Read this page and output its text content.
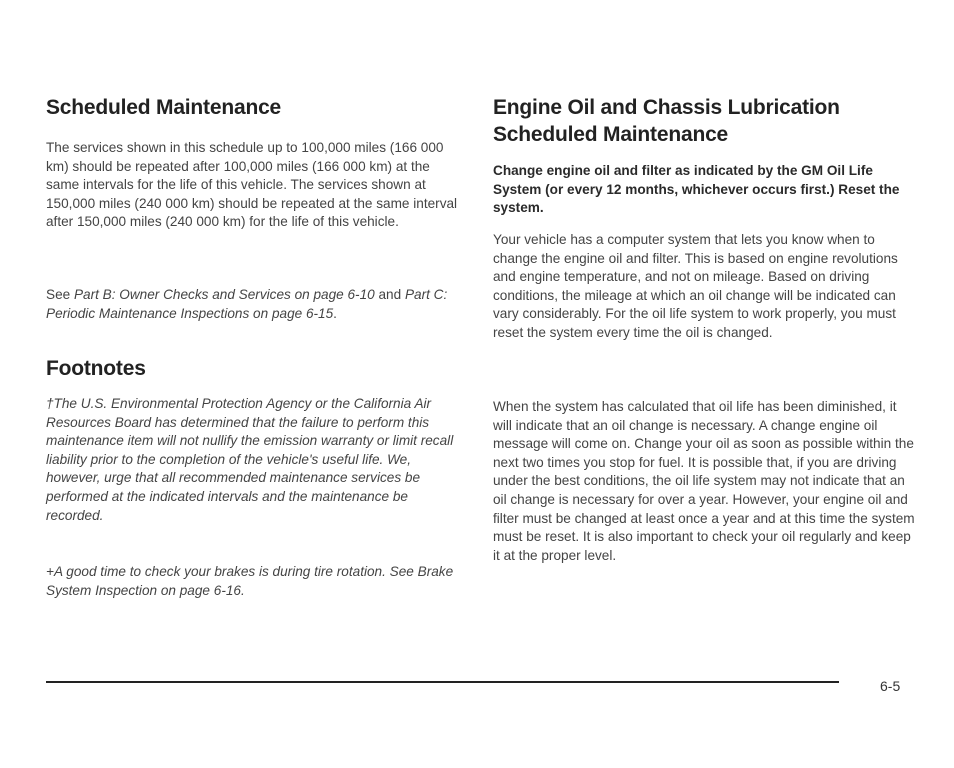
Scheduled Maintenance

The services shown in this schedule up to 100,000 miles (166 000 km) should be repeated after 100,000 miles (166 000 km) at the same intervals for the life of this vehicle. The services shown at 150,000 miles (240 000 km) should be repeated at the same interval after 150,000 miles (240 000 km) for the life of this vehicle.

See Part B: Owner Checks and Services on page 6-10 and Part C: Periodic Maintenance Inspections on page 6-15.

Footnotes

†The U.S. Environmental Protection Agency or the California Air Resources Board has determined that the failure to perform this maintenance item will not nullify the emission warranty or limit recall liability prior to the completion of the vehicle's useful life. We, however, urge that all recommended maintenance services be performed at the indicated intervals and the maintenance be recorded.

+A good time to check your brakes is during tire rotation. See Brake System Inspection on page 6-16.

Engine Oil and Chassis Lubrication Scheduled Maintenance

Change engine oil and filter as indicated by the GM Oil Life System (or every 12 months, whichever occurs first.) Reset the system.

Your vehicle has a computer system that lets you know when to change the engine oil and filter. This is based on engine revolutions and engine temperature, and not on mileage. Based on driving conditions, the mileage at which an oil change will be indicated can vary considerably. For the oil life system to work properly, you must reset the system every time the oil is changed.

When the system has calculated that oil life has been diminished, it will indicate that an oil change is necessary. A change engine oil message will come on. Change your oil as soon as possible within the next two times you stop for fuel. It is possible that, if you are driving under the best conditions, the oil life system may not indicate that an oil change is necessary for over a year. However, your engine oil and filter must be changed at least once a year and at this time the system must be reset. It is also important to check your oil regularly and keep it at the proper level.

6-5
